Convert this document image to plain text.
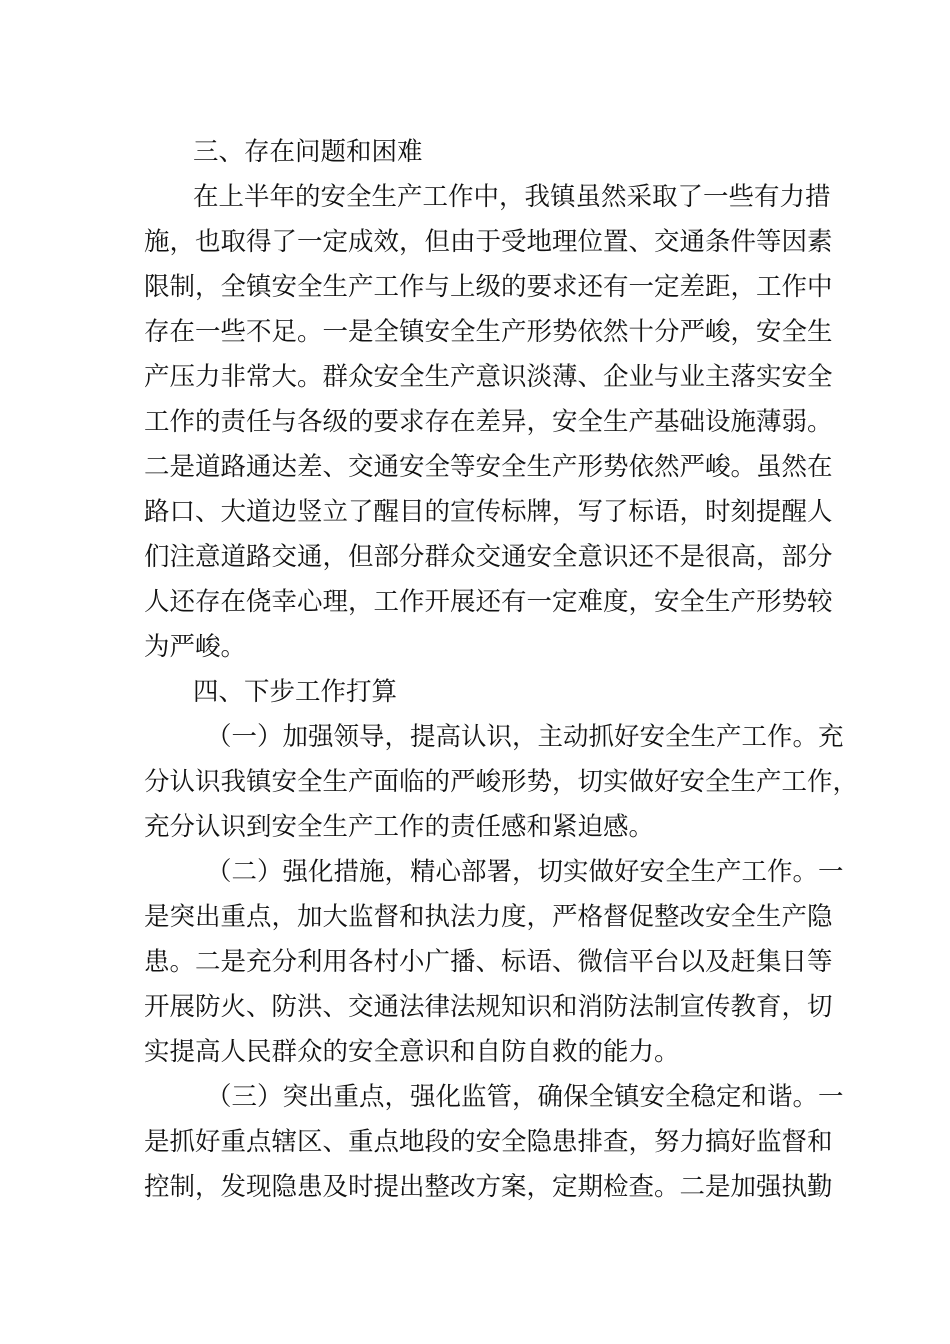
三、存在问题和困难
在上半年的安全生产工作中，我镇虽然采取了一些有力措
施，也取得了一定成效，但由于受地理位置、交通条件等因素
限制，全镇安全生产工作与上级的要求还有一定差距，工作中
存在一些不足。一是全镇安全生产形势依然十分严峻，安全生
产压力非常大。群众安全生产意识淡薄、企业与业主落实安全
工作的责任与各级的要求存在差异，安全生产基础设施薄弱。
二是道路通达差、交通安全等安全生产形势依然严峻。虽然在
路口、大道边竖立了醒目的宣传标牌，写了标语，时刻提醒人
们注意道路交通，但部分群众交通安全意识还不是很高，部分
人还存在侥幸心理，工作开展还有一定难度，安全生产形势较
为严峻。
四、下步工作打算
（一）加强领导，提高认识，主动抓好安全生产工作。充
分认识我镇安全生产面临的严峻形势，切实做好安全生产工作，
充分认识到安全生产工作的责任感和紧迫感。
（二）强化措施，精心部署，切实做好安全生产工作。一
是突出重点，加大监督和执法力度，严格督促整改安全生产隐
患。二是充分利用各村小广播、标语、微信平台以及赶集日等
开展防火、防洪、交通法律法规知识和消防法制宣传教育，切
实提高人民群众的安全意识和自防自救的能力。
（三）突出重点，强化监管，确保全镇安全稳定和谐。一
是抓好重点辖区、重点地段的安全隐患排查，努力搞好监督和
控制，发现隐患及时提出整改方案，定期检查。二是加强执勤
